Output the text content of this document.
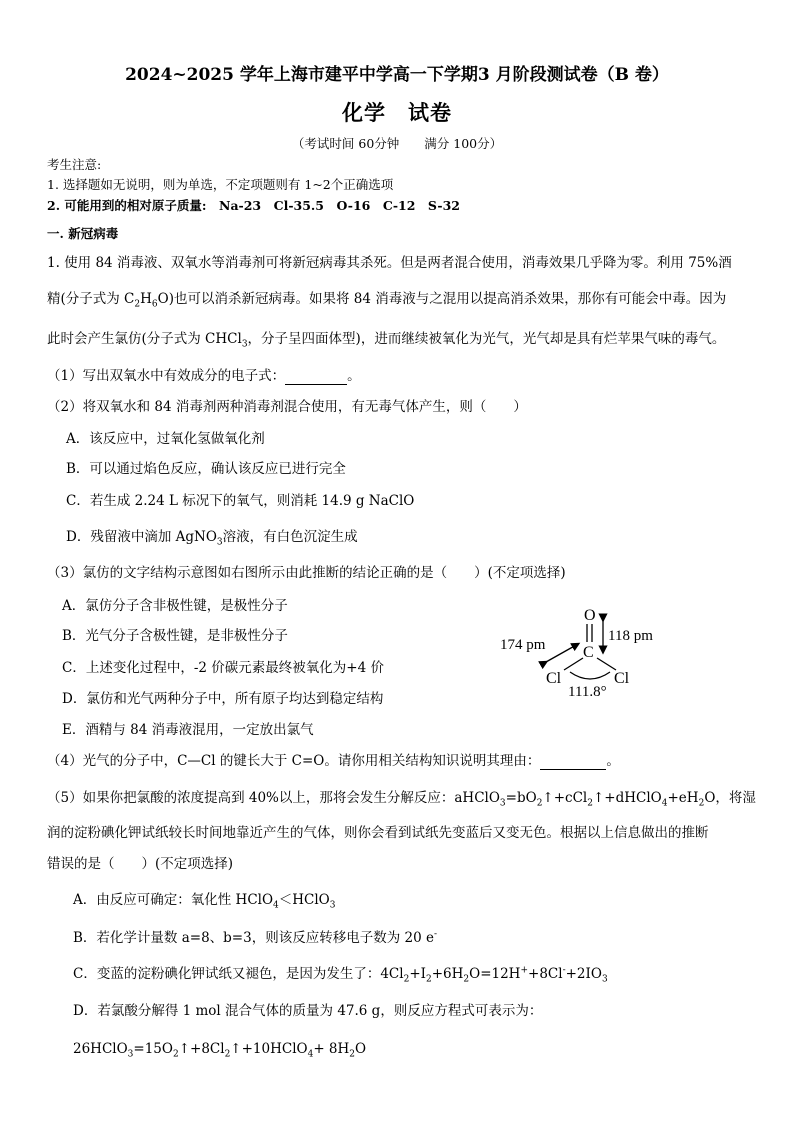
2024~2025 学年上海市建平中学高一下学期3 月阶段测试卷（B 卷）
化学　试卷
（考试时间 60分钟　　满分 100分）
考生注意:
1. 选择题如无说明，则为单选，不定项题则有 1~2个正确选项
2. 可能用到的相对原子质量:　Na-23　Cl-35.5　O-16　C-12　S-32
一. 新冠病毒
1. 使用 84 消毒液、双氧水等消毒剂可将新冠病毒其杀死。但是两者混合使用，消毒效果几乎降为零。利用 75%酒
精(分子式为 $C_2H_6O$)也可以消杀新冠病毒。如果将 84 消毒液与之混用以提高消杀效果，那你有可能会中毒。因为
此时会产生氯仿(分子式为 CHCl$_3$，分子呈四面体型)，进而继续被氧化为光气，光气却是具有烂苹果气味的毒气。
（1）写出双氧水中有效成分的电子式：	。
（2）将双氧水和 84 消毒剂两种消毒剂混合使用，有无毒气体产生，则（　　）
A．该反应中，过氧化氢做氧化剂
B．可以通过焰色反应，确认该反应已进行完全
C．若生成 2.24 L 标况下的氧气，则消耗 14.9 g NaClO
D．残留液中滴加 AgNO$_3$溶液，有白色沉淀生成
（3）氯仿的文字结构示意图如右图所示由此推断的结论正确的是（　　）(不定项选择)
A．氯仿分子含非极性键，是极性分子
B．光气分子含极性键，是非极性分子
C．上述变化过程中，-2 价碳元素最终被氧化为+4 价
D．氯仿和光气两种分子中，所有原子均达到稳定结构
E．酒精与 84 消毒液混用，一定放出氯气
O
C
Cl	Cl
111.8°
118 pm
174 pm
（4）光气的分子中，C—Cl 的键长大于 C=O。请你用相关结构知识说明其理由：	。
（5）如果你把氯酸的浓度提高到 40%以上，那将会发生分解反应：$aHClO_3=bO_2↑+cCl_2↑+dHClO_4+eH_2O$，将湿
润的淀粉碘化钾试纸较长时间地靠近产生的气体，则你会看到试纸先变蓝后又变无色。根据以上信息做出的推断
错误的是（　　）(不定项选择)
A．由反应可确定：氧化性 HClO$_4$＜HClO$_3$
B．若化学计量数 a=8、b=3，则该反应转移电子数为 20 e-
C．变蓝的淀粉碘化钾试纸又褪色，是因为发生了：$4Cl_2+I_2+6H_2O=12H^++8Cl^-+2IO_3$
D．若氯酸分解得 1 mol 混合气体的质量为 47.6 g，则反应方程式可表示为：
$26HClO_3=15O_2↑+8Cl_2↑+10HClO_4+ 8H_2O$
